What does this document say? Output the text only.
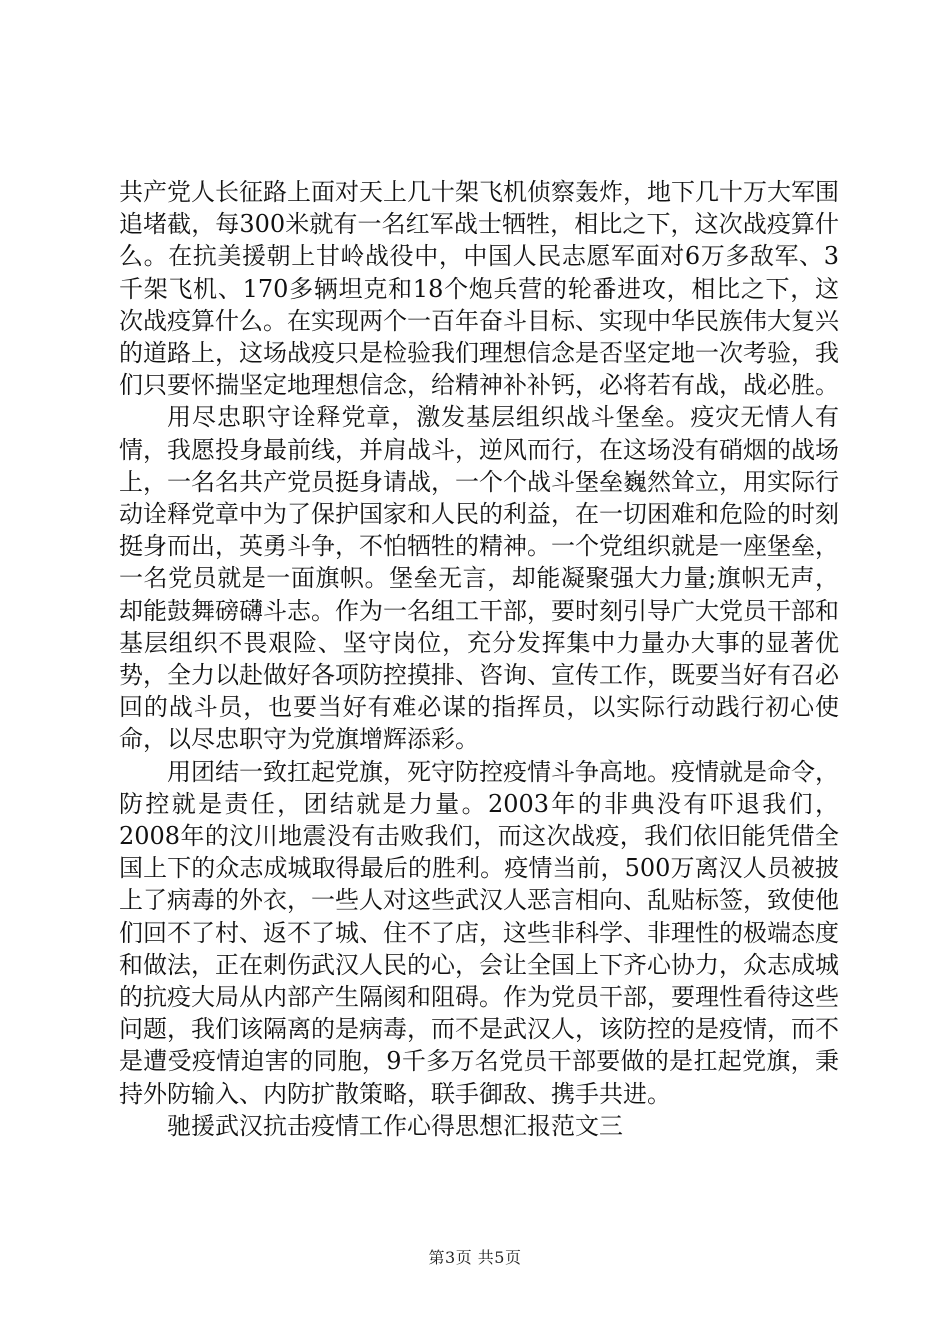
共产党人长征路上面对天上几十架飞机侦察轰炸，地下几十万大军围追堵截，每300米就有一名红军战士牺牲，相比之下，这次战疫算什么。在抗美援朝上甘岭战役中，中国人民志愿军面对6万多敌军、3千架飞机、170多辆坦克和18个炮兵营的轮番进攻，相比之下，这次战疫算什么。在实现两个一百年奋斗目标、实现中华民族伟大复兴的道路上，这场战疫只是检验我们理想信念是否坚定地一次考验，我们只要怀揣坚定地理想信念，给精神补补钙，必将若有战，战必胜。

用尽忠职守诠释党章，激发基层组织战斗堡垒。疫灾无情人有情，我愿投身最前线，并肩战斗，逆风而行，在这场没有硝烟的战场上，一名名共产党员挺身请战，一个个战斗堡垒巍然耸立，用实际行动诠释党章中为了保护国家和人民的利益，在一切困难和危险的时刻挺身而出，英勇斗争，不怕牺牲的精神。一个党组织就是一座堡垒，一名党员就是一面旗帜。堡垒无言，却能凝聚强大力量;旗帜无声，却能鼓舞磅礴斗志。作为一名组工干部，要时刻引导广大党员干部和基层组织不畏艰险、坚守岗位，充分发挥集中力量办大事的显著优势，全力以赴做好各项防控摸排、咨询、宣传工作，既要当好有召必回的战斗员，也要当好有难必谋的指挥员，以实际行动践行初心使命，以尽忠职守为党旗增辉添彩。

用团结一致扛起党旗，死守防控疫情斗争高地。疫情就是命令，防控就是责任，团结就是力量。2003年的非典没有吓退我们，2008年的汶川地震没有击败我们，而这次战疫，我们依旧能凭借全国上下的众志成城取得最后的胜利。疫情当前，500万离汉人员被披上了病毒的外衣，一些人对这些武汉人恶言相向、乱贴标签，致使他们回不了村、返不了城、住不了店，这些非科学、非理性的极端态度和做法，正在刺伤武汉人民的心，会让全国上下齐心协力，众志成城的抗疫大局从内部产生隔阂和阻碍。作为党员干部，要理性看待这些问题，我们该隔离的是病毒，而不是武汉人，该防控的是疫情，而不是遭受疫情迫害的同胞，9千多万名党员干部要做的是扛起党旗，秉持外防输入、内防扩散策略，联手御敌、携手共进。

驰援武汉抗击疫情工作心得思想汇报范文三

第3页 共5页
